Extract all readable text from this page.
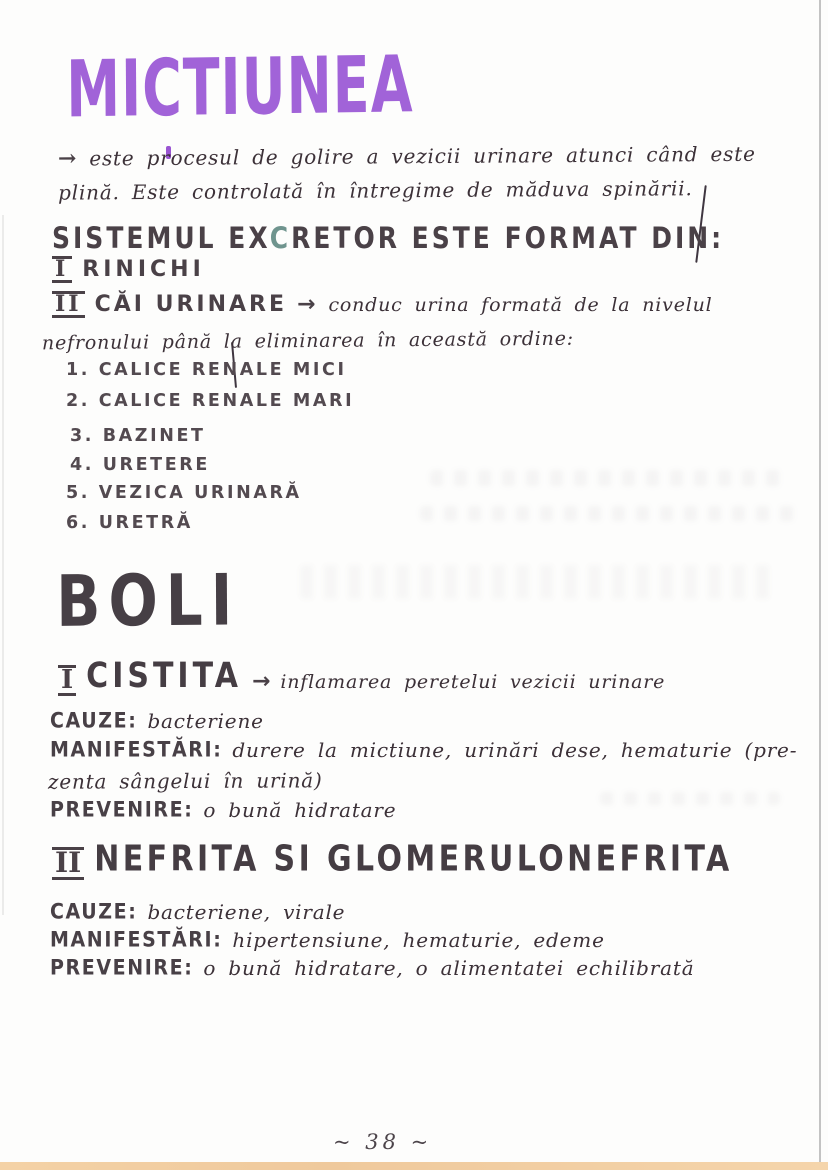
MICTIUNEA
→ este procesul de golire a vezicii urinare atunci când este
plină. Este controlată în întregime de măduva spinării.
SISTEMUL EXCRETOR ESTE FORMAT DIN:
I RINICHI
II CĂI URINARE → conduc urina formată de la nivelul
nefronului până la eliminarea în această ordine:
1. CALICE RENALE MICI
2. CALICE RENALE MARI
3. BAZINET
4. URETERE
5. VEZICA URINARĂ
6. URETRĂ
BOLI
I CISTITA → inflamarea peretelui vezicii urinare
CAUZE: bacteriene
MANIFESTĂRI: durere la mictiune, urinări dese, hematurie (pre-
zenta sângelui în urină)
PREVENIRE: o bună hidratare
II NEFRITA SI GLOMERULONEFRITA
CAUZE: bacteriene, virale
MANIFESTĂRI: hipertensiune, hematurie, edeme
PREVENIRE: o bună hidratare, o alimentatei echilibrată
~ 38 ~
